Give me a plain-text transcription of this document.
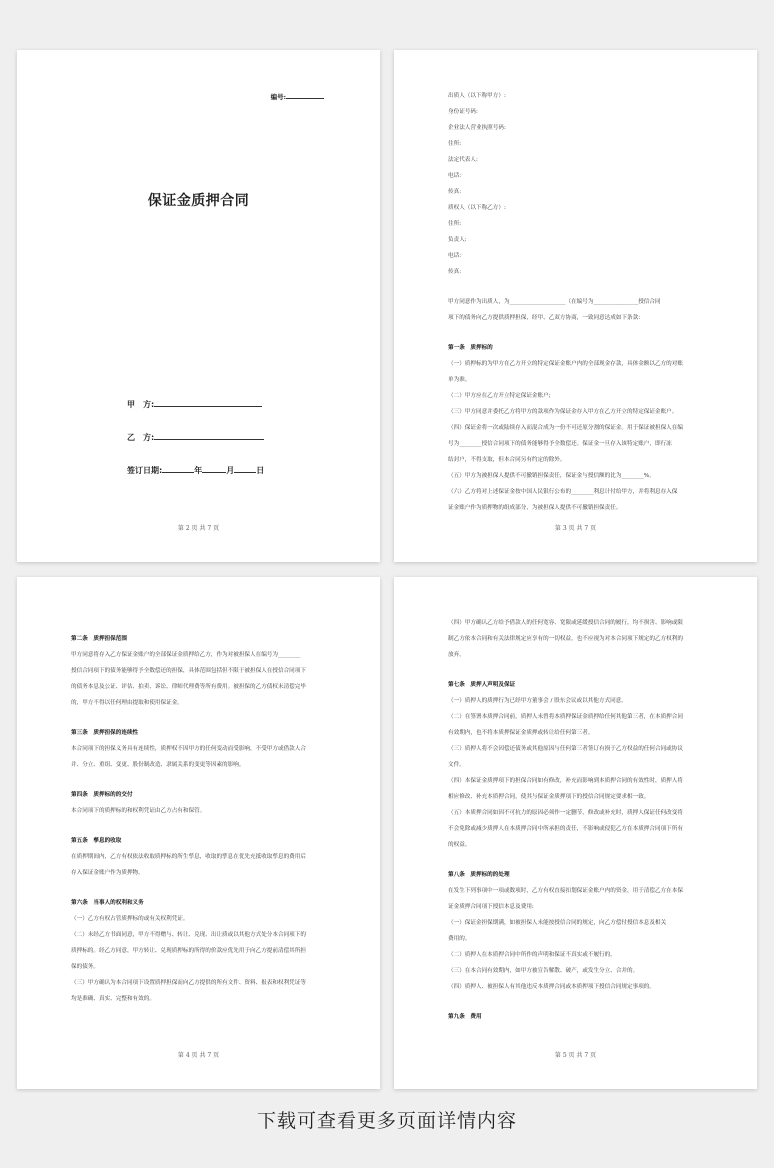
编号:
保证金质押合同
甲　方:
乙　方:
签订日期:	年	月	日
第 2 页 共 7 页

出质人（以下称甲方）:

身份证号码:

企业法人营业执照号码:

住所:

法定代表人:

电话:

传真:

质权人（以下称乙方）:

住所:

负责人:

电话:

传真:

甲方同意作为出质人，为____________________（在编号为________________授信合同

项下的债务向乙方提供质押担保，经甲、乙双方协商，一致同意达成如下条款:

第一条　质押标的

（一）质押标的为甲方在乙方开立的特定保证金账户内的全部现金存款，具体金额以乙方的对账

单为准。

（二）甲方应在乙方开立特定保证金账户;

（三）甲方同意并委托乙方将甲方的款项作为保证金存入甲方在乙方开立的特定保证金账户。

（四）保证金将一次或陆续存入而混合成为一份不可还原分割的保证金。用于保证被担保人在编

号为________授信合同项下的债务能够得予全数偿还。保证金一旦存入该特定账户，即行冻

结封户，不得支取，但本合同另有约定的除外。

（五）甲方为被担保人提供不可撤销担保责任，保证金与授信额的比为________%。

（六）乙方将对上述保证金按中国人民银行公布的________利息计付给甲方，并将利息存入保

证金账户作为质押物的组成部分，为被担保人提供不可撤销担保责任。

第 3 页 共 7 页

第二条　质押担保范围

甲方同意将存入乙方保证金账户的全部保证金质押给乙方，作为对被担保人在编号为________

授信合同项下的债务能够得予全数偿还的担保，具体范围包括但不限于被担保人在授信合同项下

的债务本息及公证、评估、拍卖、诉讼、律师代理费等所有费用。被担保的乙方债权未清偿完毕

的，甲方不得以任何理由提取和使用保证金。

第三条　质押担保的连续性

本合同项下的担保义务具有连续性，质押权不因甲方的任何变动而受影响，不受甲方或借款人合

并、分立、重组、变更、股份制改造、隶属关系的变更等因素的影响。

第四条　质押标的的交付

本合同项下的质押标的和权利凭证由乙方占有和保管。

第五条　孳息的收取

在质押期间内，乙方有权依法收取质押标的所生孳息，收取的孳息在优先充抵收取孳息的费用后

存入保证金账户作为质押物。

第六条　当事人的权利和义务

（一）乙方有权占管质押标的或有关权利凭证。

（二）未经乙方书面同意，甲方不得赠与、转让、兑现、出让质或以其他方式处分本合同项下的

质押标的。经乙方同意，甲方转让、兑现质押标的所得的价款应优先用于向乙方提前清偿其所担

保的债务。

（三）甲方确认为本合同项下设置质押担保而向乙方提供的所有文件、资料、报表和权利凭证等

均是准确、真实、完整和有效的。

第 4 页 共 7 页

（四）甲方确认乙方给予借款人的任何宽容、宽限或延缓授信合同的履行，均不损害、影响或限

制乙方依本合同和有关法律规定应享有的一切权益，也不应视为对本合同项下规定的乙方权利的

放弃。

第七条　质押人声明及保证

（一）质押人的质押行为已经甲方董事会 / 股东会议或以其他方式同意。

（二）在签署本质押合同前，质押人未曾将本质押保证金质押给任何其他第三者，在本质押合同

有效期内，也不将本质押保证金质押或转让给任何第三者。

（三）质押人将不会因偿还债务或其他原因与任何第三者签订有损于乙方权益的任何合同或协议

文件。

（四）本保证金质押项下的担保合同如有修改，补充而影响到本质押合同的有效性时，质押人将

相应修改、补充本质押合同，使其与保证金质押项下的授信合同规定要求相一致。

（五）本质押合同如因不可抗力的原因必须作一定删节，修改或补充时，质押人保证任何改变将

不会免除或减少质押人在本质押合同中所承担的责任，不影响或侵犯乙方在本质押合同项下所有

的权益。

第八条　质押标的的处理

在发生下列事项中一项或数项时，乙方有权直接扣划保证金账户内的资金，用于清偿乙方在本保

证金质押合同项下授信本息及费用:

（一）保证金担保期满，如被担保人未能按授信合同的规定，向乙方偿付授信本息及相关

费用的。

（二）质押人在本质押合同中所作的声明和保证不真实或不履行的。

（三）在本合同有效期内，如甲方被宣告解散、破产，或发生分立、合并的。

（四）质押人、被担保人有其他违反本质押合同或本质押项下授信合同规定事项的。

第九条　费用

第 5 页 共 7 页
下载可查看更多页面详情内容
